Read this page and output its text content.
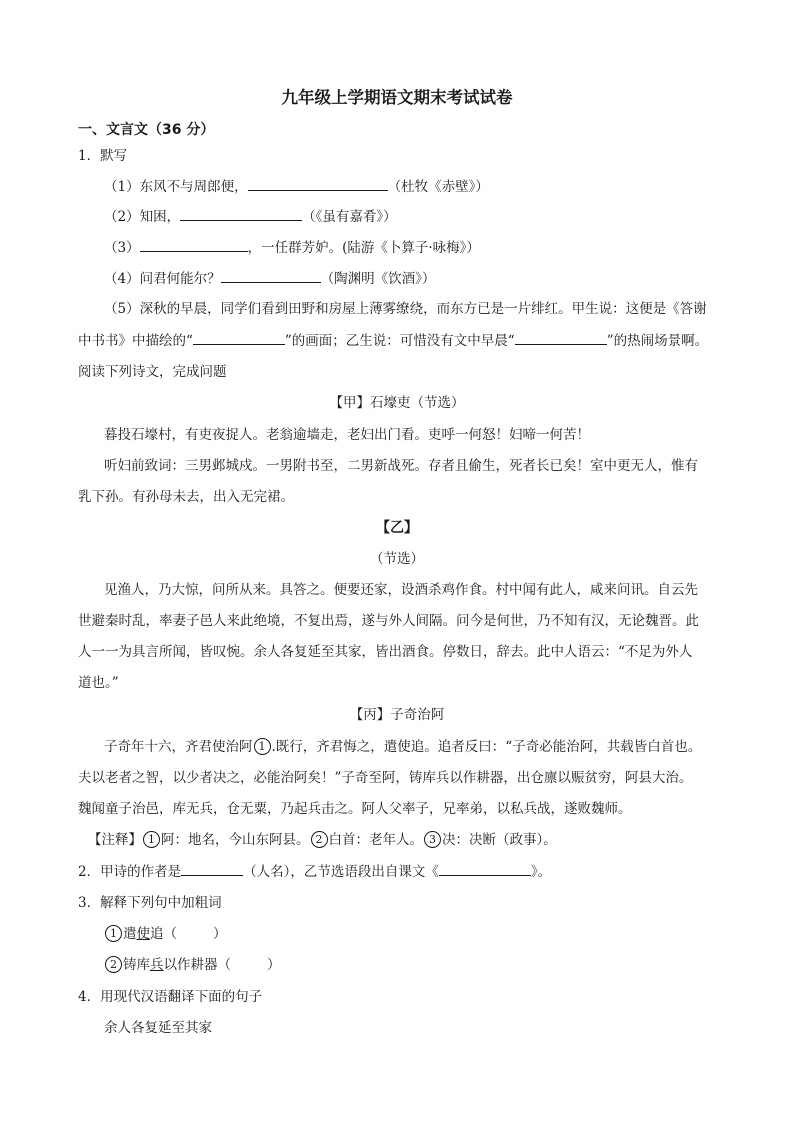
九年级上学期语文期末考试试卷
一、文言文（36 分）
1．默写
（1）东风不与周郎便，	（杜牧《赤壁》）
（2）知困，	（《虽有嘉肴》）
（3）	，一任群芳妒。(陆游《卜算子·咏梅》）
（4）问君何能尔？	（陶渊明《饮酒》）
（5）深秋的早晨，同学们看到田野和房屋上薄雾缭绕，而东方已是一片绯红。甲生说：这便是《答谢
中书书》中描绘的“	”的画面；乙生说：可惜没有文中早晨“	”的热闹场景啊。
阅读下列诗文，完成问题
【甲】石壕吏（节选）
暮投石壕村，有吏夜捉人。老翁逾墙走，老妇出门看。吏呼一何怒！妇啼一何苦！
听妇前致词：三男邺城戍。一男附书至，二男新战死。存者且偷生，死者长已矣！室中更无人，惟有
乳下孙。有孙母未去，出入无完裙。
【乙】
（节选）
见渔人，乃大惊，问所从来。具答之。便要还家，设酒杀鸡作食。村中闻有此人，咸来问讯。自云先
世避秦时乱，率妻子邑人来此绝境，不复出焉，遂与外人间隔。问今是何世，乃不知有汉，无论魏晋。此
人一一为具言所闻，皆叹惋。余人各复延至其家，皆出酒食。停数日，辞去。此中人语云：“不足为外人
道也。”
【丙】子奇治阿
子奇年十六，齐君使治阿 1 .既行，齐君悔之，遣使追。追者反曰：“子奇必能治阿，共载皆白首也。
夫以老者之智，以少者决之，必能治阿矣！”子奇至阿，铸库兵以作耕器，出仓廪以赈贫穷，阿县大治。
魏闻童子治邑，库无兵，仓无粟，乃起兵击之。阿人父率子，兄率弟，以私兵战，遂败魏师。
【注释】 1 阿：地名，今山东阿县。 2 白首：老年人。 3 决：决断（政事）。
2．甲诗的作者是	（人名），乙节选语段出自课文《	》。
3．解释下列句中加粗词
1 遣使追（	）
2 铸库兵以作耕器（	）
4．用现代汉语翻译下面的句子
余人各复延至其家
